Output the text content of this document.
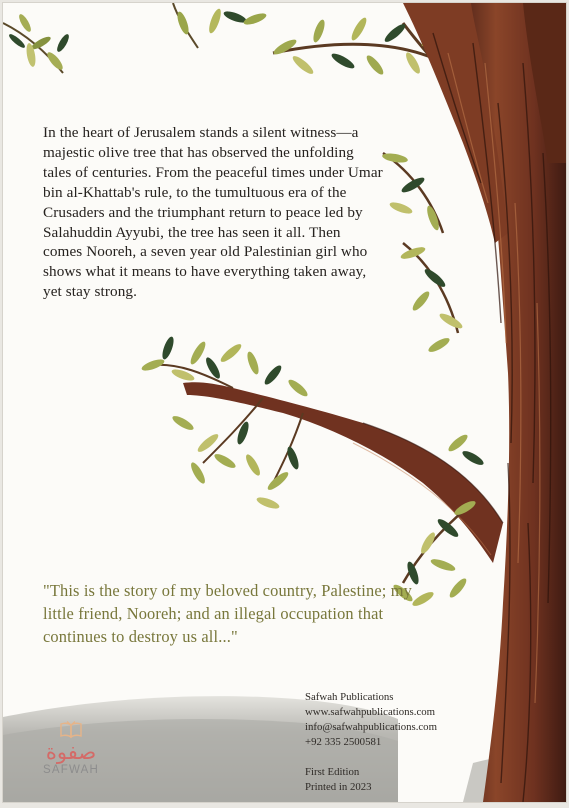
In the heart of Jerusalem stands a silent witness—a majestic olive tree that has observed the unfolding tales of centuries. From the peaceful times under Umar bin al-Khattab's rule, to the tumultuous era of the Crusaders and the triumphant return to peace led by Salahuddin Ayyubi, the tree has seen it all. Then comes Nooreh, a seven year old Palestinian girl who shows what it means to have everything taken away, yet stay strong.

"This is the story of my beloved country, Palestine; my little friend, Nooreh; and an illegal occupation that continues to destroy us all..."

صفوة
SAFWAH
Safwah Publications
www.safwahpublications.com
info@safwahpublications.com
+92 335 2500581
First Edition
Printed in 2023
